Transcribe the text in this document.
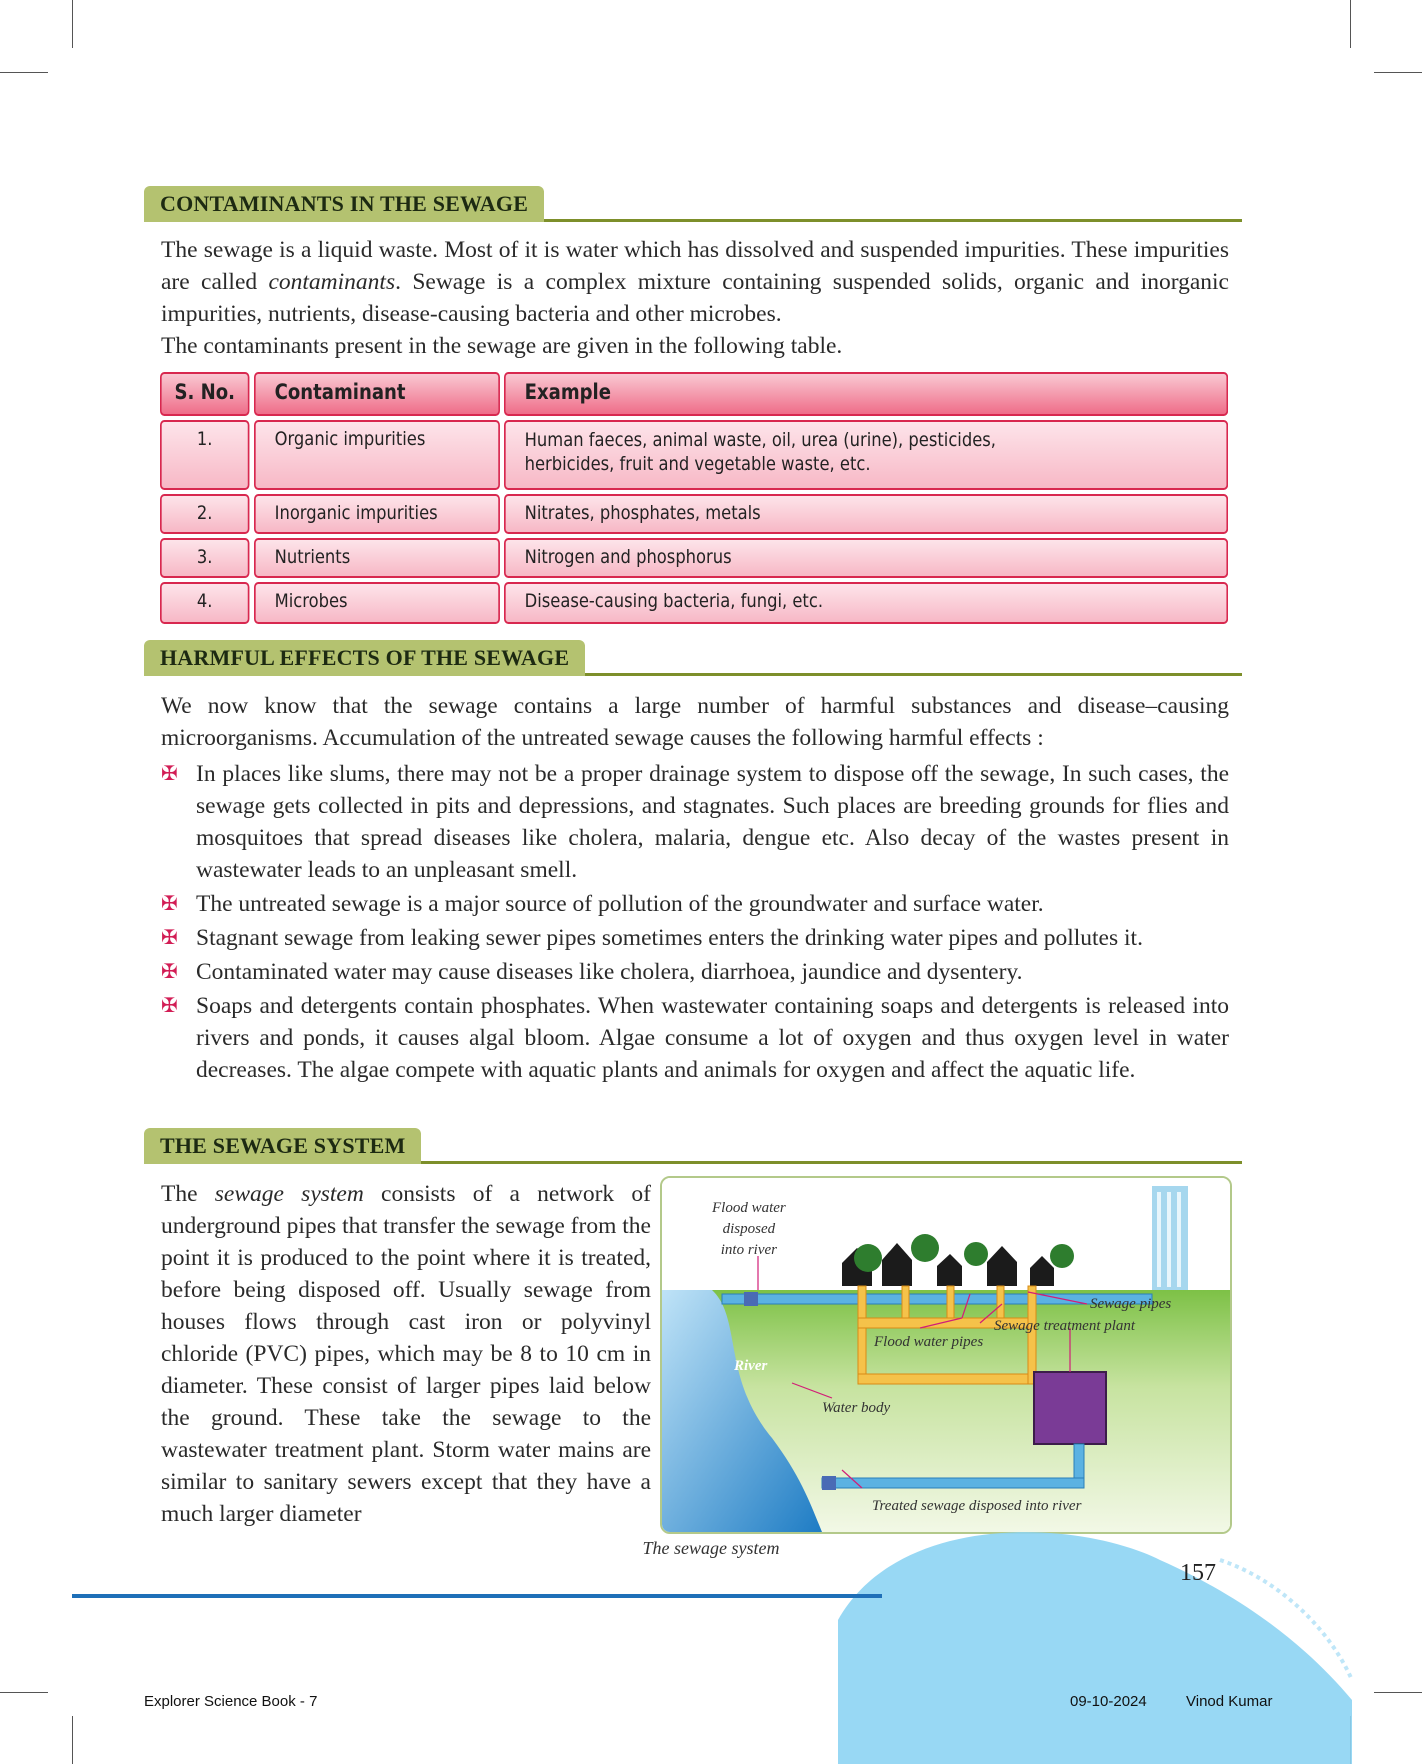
CONTAMINANTS IN THE SEWAGE
The sewage is a liquid waste. Most of it is water which has dissolved and suspended impurities. These impurities are called contaminants. Sewage is a complex mixture containing suspended solids, organic and inorganic impurities, nutrients, disease-causing bacteria and other microbes.
The contaminants present in the sewage are given in the following table.
S. No.	Contaminant	Example
1.	Organic impurities	Human faeces, animal waste, oil, urea (urine), pesticides, herbicides, fruit and vegetable waste, etc.
2.	Inorganic impurities	Nitrates, phosphates, metals
3.	Nutrients	Nitrogen and phosphorus
4.	Microbes	Disease-causing bacteria, fungi, etc.
HARMFUL EFFECTS OF THE SEWAGE
We now know that the sewage contains a large number of harmful substances and disease–causing microorganisms. Accumulation of the untreated sewage causes the following harmful effects :
✠ In places like slums, there may not be a proper drainage system to dispose off the sewage, In such cases, the sewage gets collected in pits and depressions, and stagnates. Such places are breeding grounds for flies and mosquitoes that spread diseases like cholera, malaria, dengue etc. Also decay of the wastes present in wastewater leads to an unpleasant smell.
✠ The untreated sewage is a major source of pollution of the groundwater and surface water.
✠ Stagnant sewage from leaking sewer pipes sometimes enters the drinking water pipes and pollutes it.
✠ Contaminated water may cause diseases like cholera, diarrhoea, jaundice and dysentery.
✠ Soaps and detergents contain phosphates. When wastewater containing soaps and detergents is released into rivers and ponds, it causes algal bloom. Algae consume a lot of oxygen and thus oxygen level in water decreases. The algae compete with aquatic plants and animals for oxygen and affect the aquatic life.
THE SEWAGE SYSTEM
The sewage system consists of a network of underground pipes that transfer the sewage from the point it is produced to the point where it is treated, before being disposed off. Usually sewage from houses flows through cast iron or polyvinyl chloride (PVC) pipes, which may be 8 to 10 cm in diameter. These consist of larger pipes laid below the ground. These take the sewage to the wastewater treatment plant. Storm water mains are similar to sanitary sewers except that they have a much larger diameter
Flood water
disposed
into river
Sewage pipes
Sewage treatment plant
Flood water pipes
River
Water body
Treated sewage disposed into river
The sewage system
157
Explorer Science Book - 7	09-10-2024	Vinod Kumar
